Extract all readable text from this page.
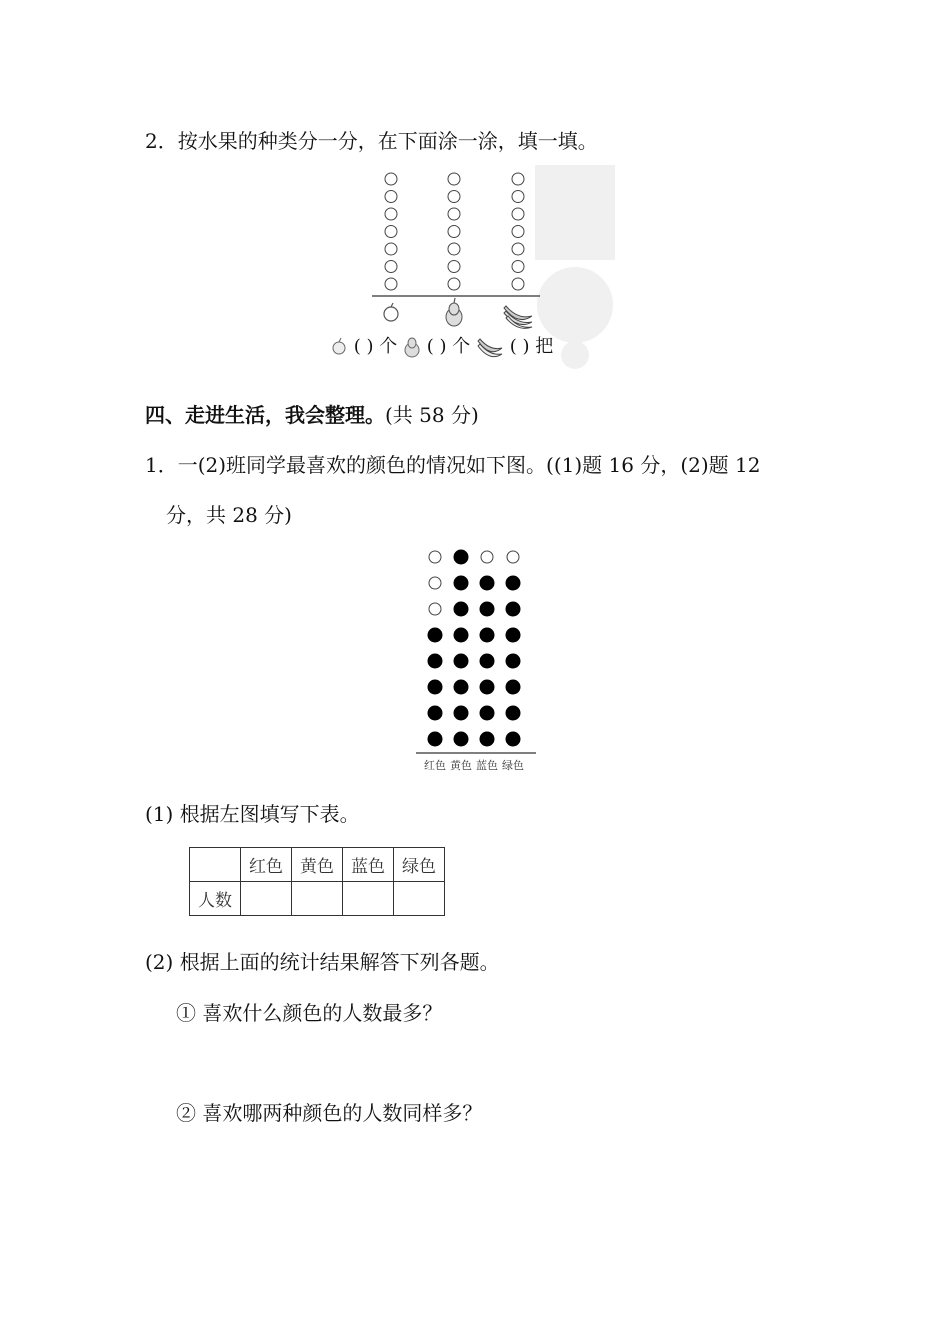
2．按水果的种类分一分，在下面涂一涂，填一填。
( ) 个 ( ) 个 ( ) 把
四、走进生活，我会整理。(共 58 分)
1．一(2)班同学最喜欢的颜色的情况如下图。((1)题 16 分，(2)题 12
分，共 28 分)
红色 黄色 蓝色 绿色
(1) 根据左图填写下表。
	红色	黄色	蓝色	绿色
人数				
(2) 根据上面的统计结果解答下列各题。
① 喜欢什么颜色的人数最多？
② 喜欢哪两种颜色的人数同样多？
